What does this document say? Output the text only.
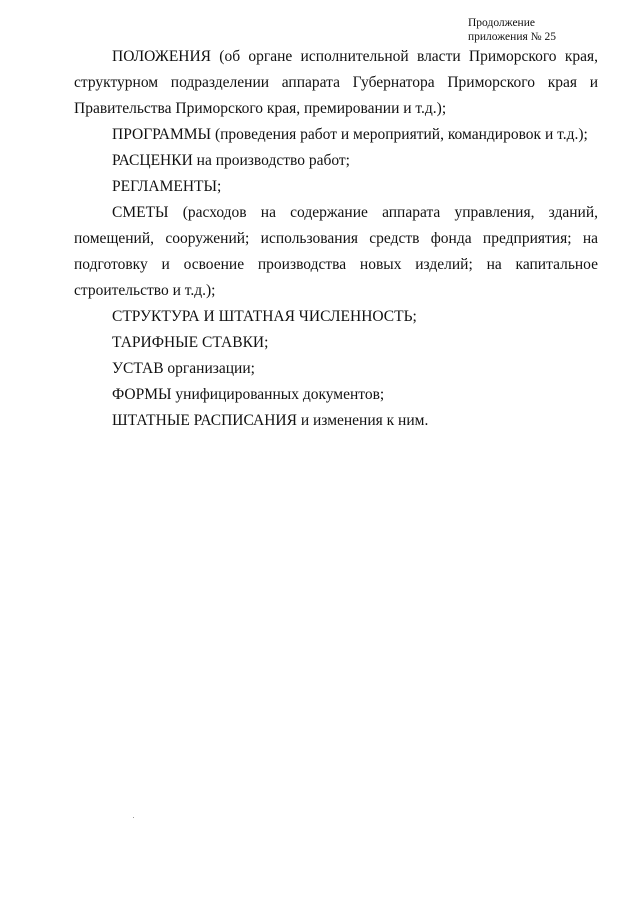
Продолжение
приложения № 25

ПОЛОЖЕНИЯ (об органе исполнительной власти Приморского края, структурном подразделении аппарата Губернатора Приморского края и Правительства Приморского края, премировании и т.д.);

ПРОГРАММЫ (проведения работ и мероприятий, командировок и т.д.);

РАСЦЕНКИ на производство работ;

РЕГЛАМЕНТЫ;

СМЕТЫ (расходов на содержание аппарата управления, зданий, помещений, сооружений; использования средств фонда предприятия; на подготовку и освоение производства новых изделий; на капитальное строительство и т.д.);

СТРУКТУРА И ШТАТНАЯ ЧИСЛЕННОСТЬ;

ТАРИФНЫЕ СТАВКИ;

УСТАВ организации;

ФОРМЫ унифицированных документов;

ШТАТНЫЕ РАСПИСАНИЯ и изменения к ним.
